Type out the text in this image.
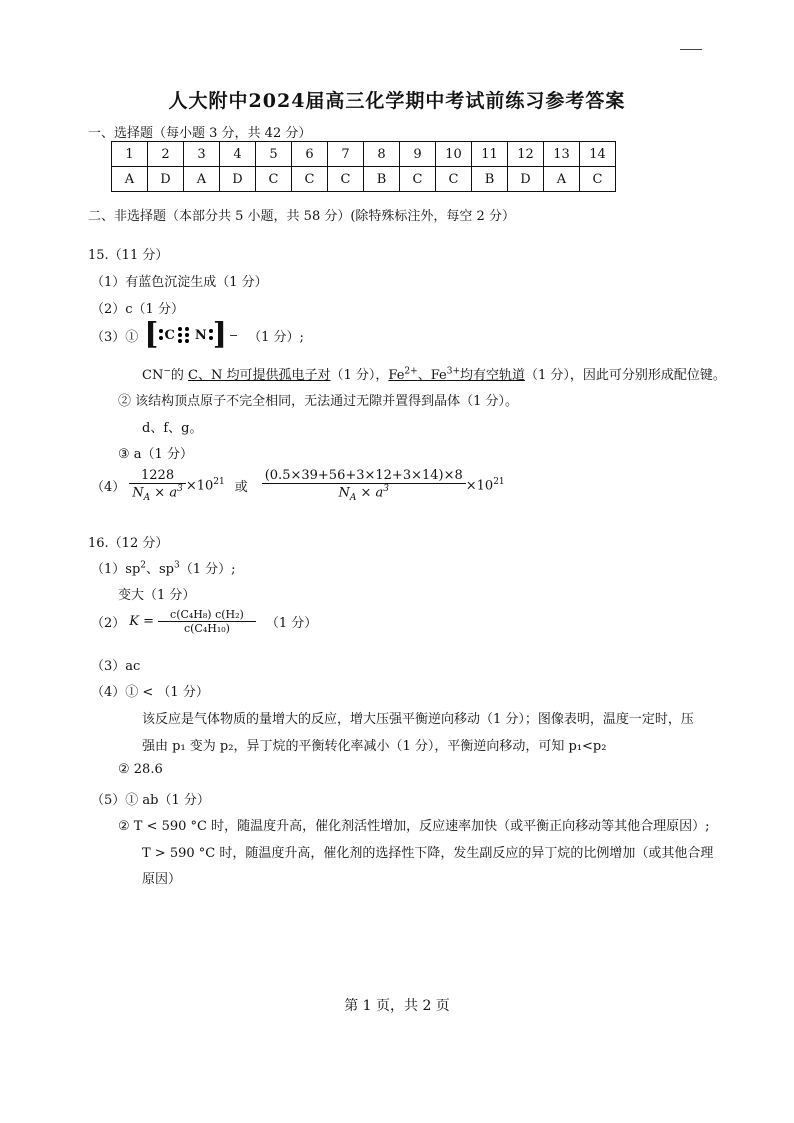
人大附中2024届高三化学期中考试前练习参考答案
一、选择题（每小题 3 分，共 42 分）
1	2	3	4	5	6	7	8	9	10	11	12	13	14
A	D	A	D	C	C	C	B	C	C	B	D	A	C
二、非选择题（本部分共 5 小题，共 58 分）(除特殊标注外，每空 2 分）
15.（11 分）
（1）有蓝色沉淀生成（1 分）
（2）c（1 分）
（3）① [ C N ] − （1 分）;
CN−的 C、N 均可提供孤电子对（1 分），$Fe^{2+}$、$Fe^{3+}$均有空轨道（1 分），因此可分别形成配位键。
② 该结构顶点原子不完全相同，无法通过无隙并置得到晶体（1 分）。
d、f、g。
③ a（1 分）
$(4) \frac{1228}{N_A \times a^3} \times 10^{21}$ 或 $\frac{(0.5\times 39+56+3\times 12+3\times 14)\times 8}{N_A \times a^3} \times 10^{21}$
16.（12 分）
$(1)sp^2$、$sp^3(1$ 分）;
变大（1 分）
（2） $K = \frac{\text{c(C₄H₈) c(H₂)}}{\text{c(C₄H₁₀)}} (1$ 分）
（3）ac
（4）① < （1 分）
该反应是气体物质的量增大的反应，增大压强平衡逆向移动（1 分）；图像表明，温度一定时，压
强由 p₁ 变为 p₂，异丁烷的平衡转化率减小（1 分），平衡逆向移动，可知 p₁<p₂
② 28.6
（5）① ab（1 分）
② T < 590 °C 时，随温度升高，催化剂活性增加，反应速率加快（或平衡正向移动等其他合理原因）;
T > 590 °C 时，随温度升高，催化剂的选择性下降，发生副反应的异丁烷的比例增加（或其他合理
原因）
第 1 页，共 2 页
